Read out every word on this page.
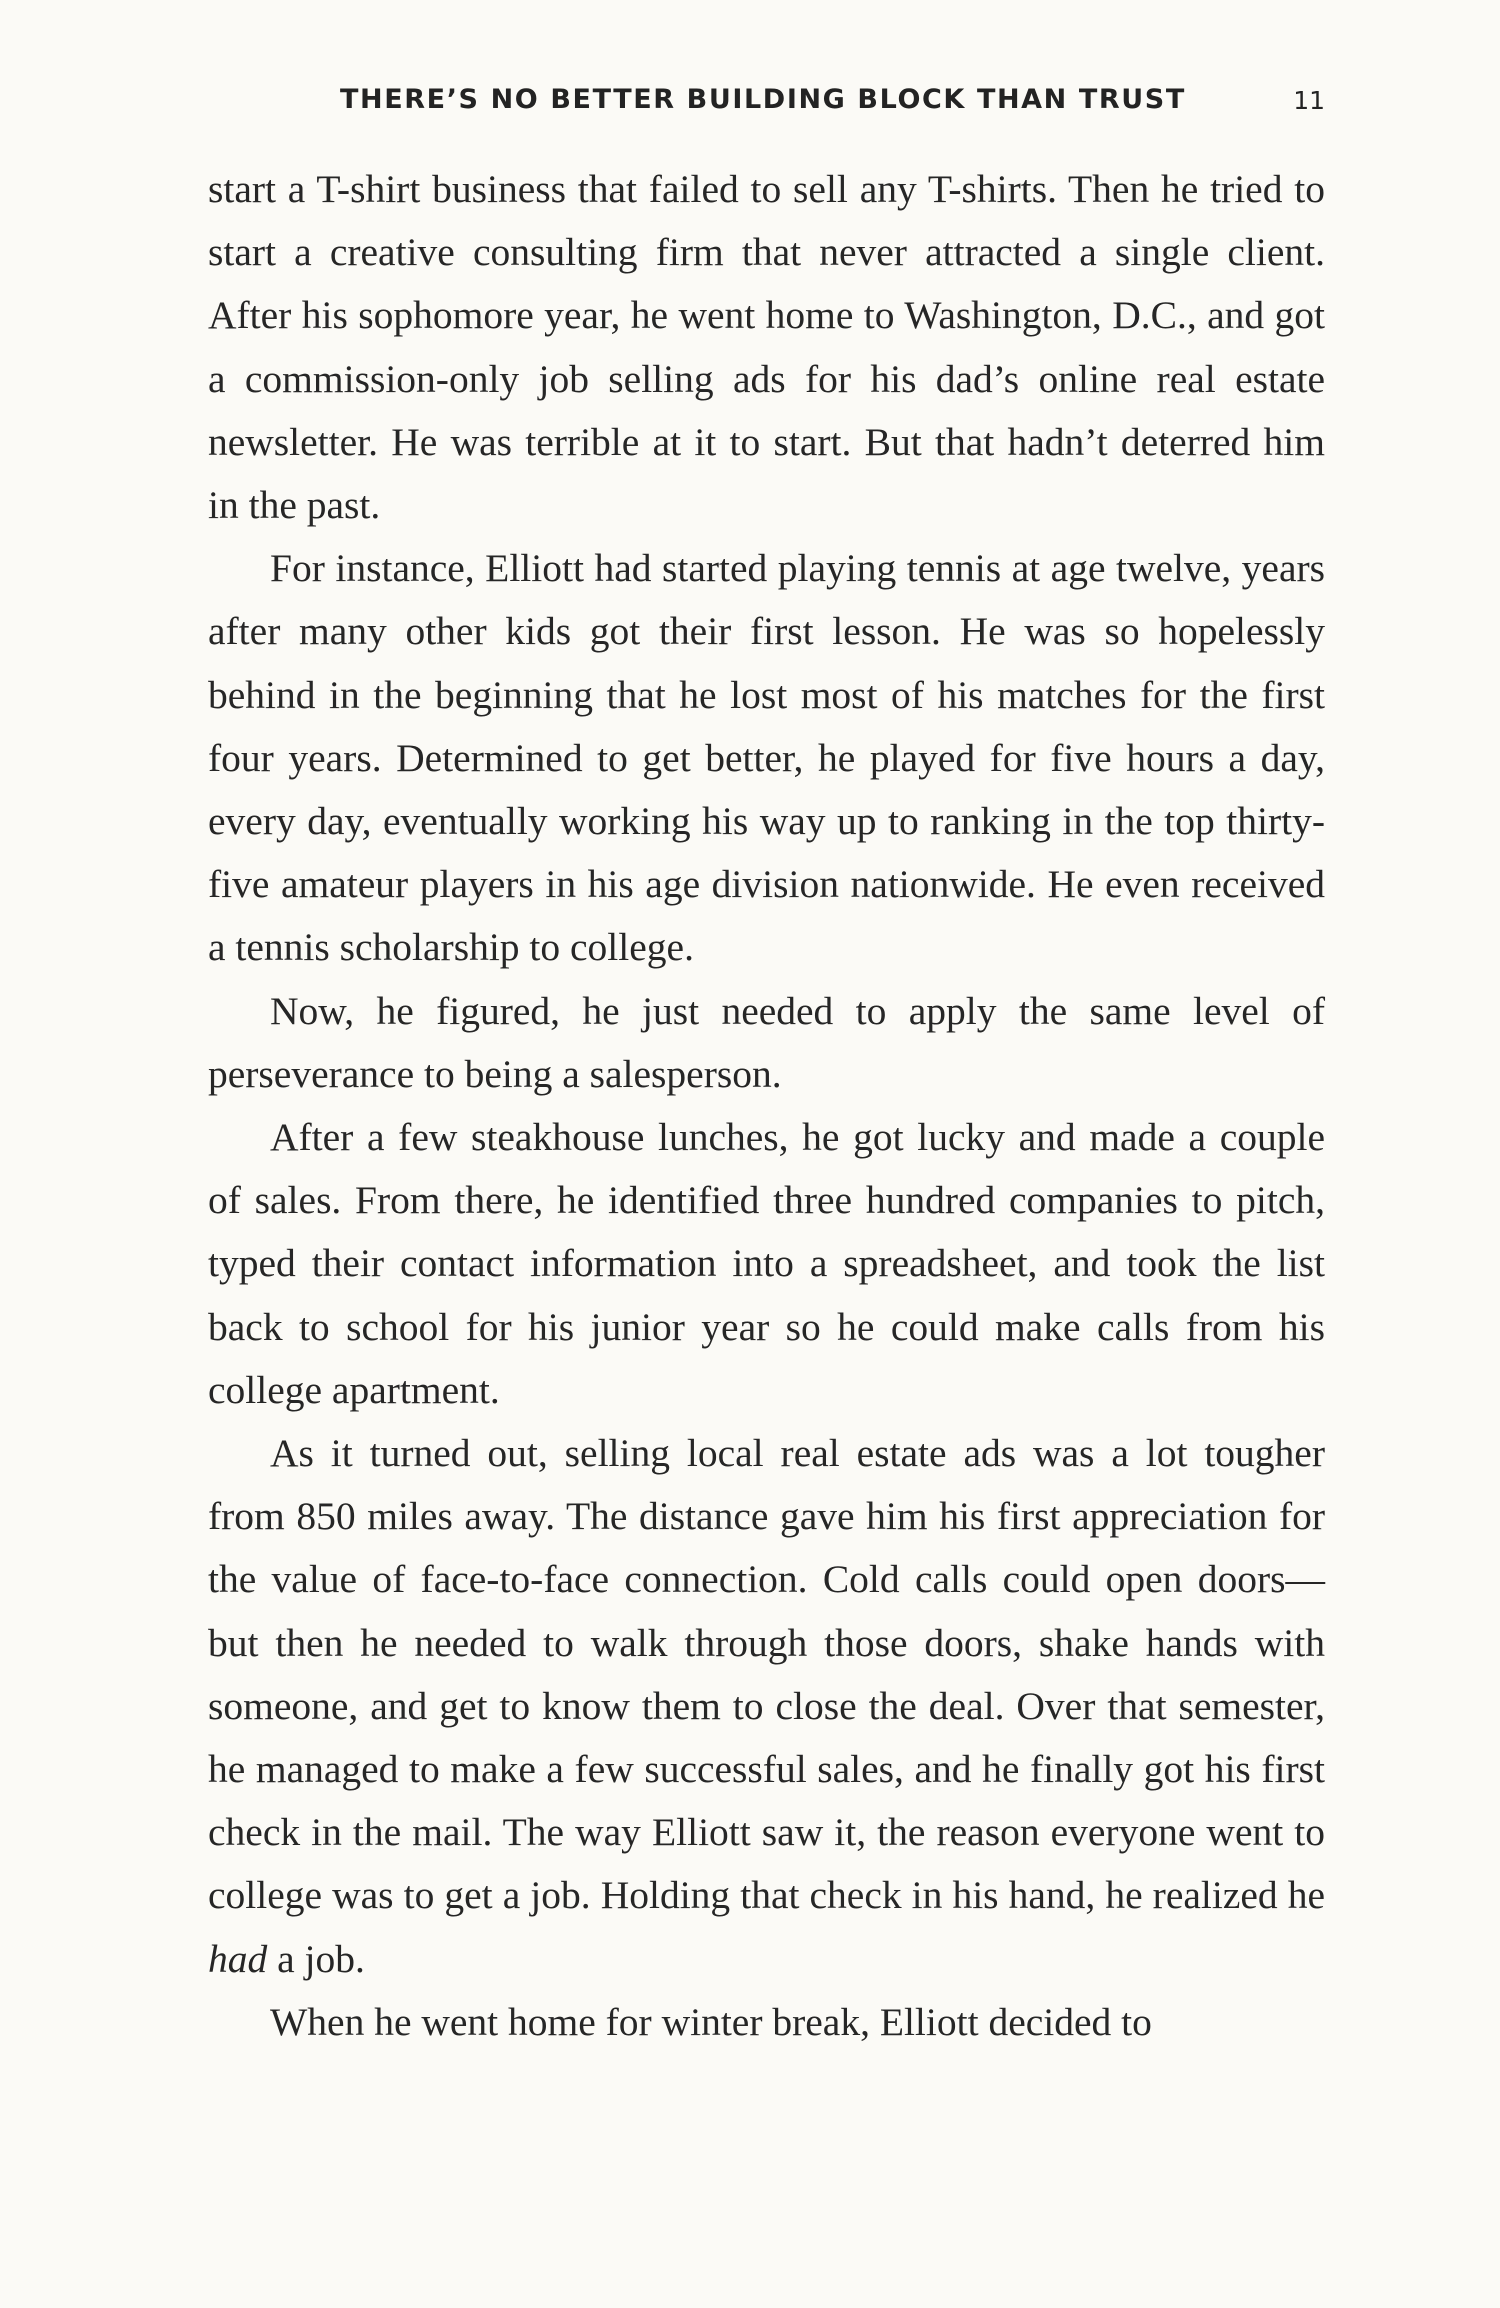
THERE’S NO BETTER BUILDING BLOCK THAN TRUST	11

start a T-shirt business that failed to sell any T-shirts. Then he tried to start a creative consulting firm that never attracted a single client. After his sophomore year, he went home to Washington, D.C., and got a commission-only job selling ads for his dad’s online real estate newsletter. He was terrible at it to start. But that hadn’t deterred him in the past.

For instance, Elliott had started playing tennis at age twelve, years after many other kids got their first lesson. He was so hopelessly behind in the beginning that he lost most of his matches for the first four years. Determined to get better, he played for five hours a day, every day, eventually working his way up to ranking in the top thirty-five amateur players in his age division nationwide. He even received a tennis scholarship to college.

Now, he figured, he just needed to apply the same level of perseverance to being a salesperson.

After a few steakhouse lunches, he got lucky and made a couple of sales. From there, he identified three hundred companies to pitch, typed their contact information into a spreadsheet, and took the list back to school for his junior year so he could make calls from his college apartment.

As it turned out, selling local real estate ads was a lot tougher from 850 miles away. The distance gave him his first appreciation for the value of face-to-face connection. Cold calls could open doors—but then he needed to walk through those doors, shake hands with someone, and get to know them to close the deal. Over that semester, he managed to make a few successful sales, and he finally got his first check in the mail. The way Elliott saw it, the reason everyone went to college was to get a job. Holding that check in his hand, he realized he had a job.

When he went home for winter break, Elliott decided to
